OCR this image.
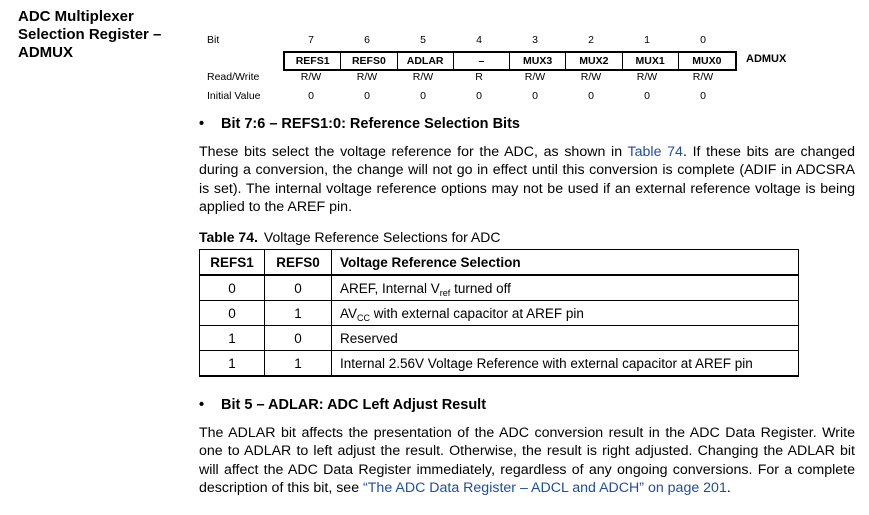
ADC Multiplexer
Selection Register –
ADMUX
Bit	7	6	5	4	3	2	1	0
REFS1	REFS0	ADLAR	–	MUX3	MUX2	MUX1	MUX0	ADMUX
Read/Write	R/W	R/W	R/W	R	R/W	R/W	R/W	R/W
Initial Value	0	0	0	0	0	0	0	0
• Bit 7:6 – REFS1:0: Reference Selection Bits
These bits select the voltage reference for the ADC, as shown in Table 74. If these bits are changed during a conversion, the change will not go in effect until this conversion is complete (ADIF in ADCSRA is set). The internal voltage reference options may not be used if an external reference voltage is being applied to the AREF pin.
Table 74. Voltage Reference Selections for ADC
REFS1	REFS0	Voltage Reference Selection
0	0	AREF, Internal $V_{ref}$ turned off
0	1	$AV_{CC}$ with external capacitor at AREF pin
1	0	Reserved
1	1	Internal 2.56V Voltage Reference with external capacitor at AREF pin
• Bit 5 – ADLAR: ADC Left Adjust Result
The ADLAR bit affects the presentation of the ADC conversion result in the ADC Data Register. Write one to ADLAR to left adjust the result. Otherwise, the result is right adjusted. Changing the ADLAR bit will affect the ADC Data Register immediately, regardless of any ongoing conversions. For a complete description of this bit, see “The ADC Data Register – ADCL and ADCH” on page 201.
